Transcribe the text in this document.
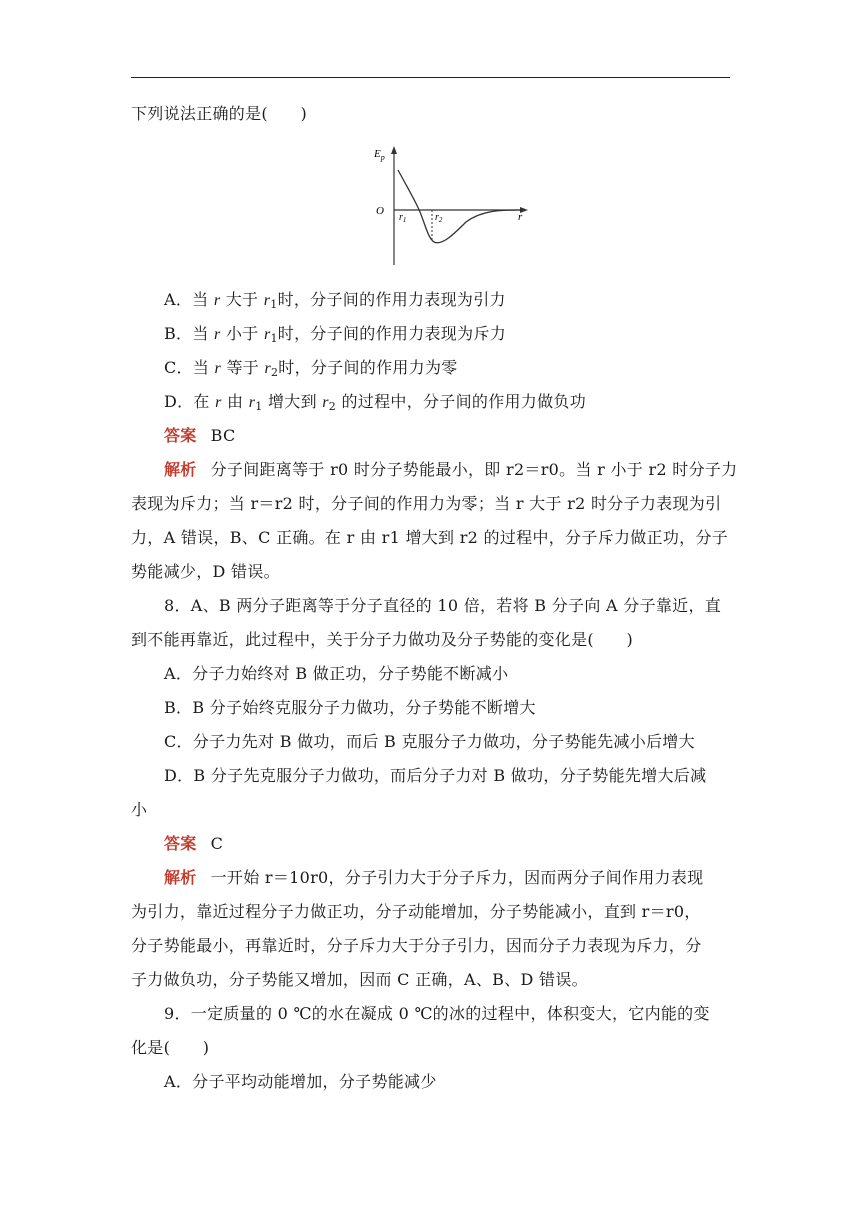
下列说法正确的是(　　)
$E_p$
O	r
$r_1$	$r_2$
A．当 r 大于 $r_1$时，分子间的作用力表现为引力
B．当 r 小于 $r_1$时，分子间的作用力表现为斥力
C．当 r 等于 $r_2$时，分子间的作用力为零
D．在 r 由 $r_1$ 增大到 $r_2$ 的过程中，分子间的作用力做负功
答案 BC
解析 分子间距离等于 r0 时分子势能最小，即 r2＝r0。当 r 小于 r2 时分子力
表现为斥力；当 r＝r2 时，分子间的作用力为零；当 r 大于 r2 时分子力表现为引
力，A 错误，B、C 正确。在 r 由 r1 增大到 r2 的过程中，分子斥力做正功，分子
势能减少，D 错误。
8．A、B 两分子距离等于分子直径的 10 倍，若将 B 分子向 A 分子靠近，直
到不能再靠近，此过程中，关于分子力做功及分子势能的变化是(　　)
A．分子力始终对 B 做正功，分子势能不断减小
B．B 分子始终克服分子力做功，分子势能不断增大
C．分子力先对 B 做功，而后 B 克服分子力做功，分子势能先减小后增大
D．B 分子先克服分子力做功，而后分子力对 B 做功，分子势能先增大后减
小
答案 C
解析 一开始 r＝10r0，分子引力大于分子斥力，因而两分子间作用力表现
为引力，靠近过程分子力做正功，分子动能增加，分子势能减小，直到 r＝r0，
分子势能最小，再靠近时，分子斥力大于分子引力，因而分子力表现为斥力，分
子力做负功，分子势能又增加，因而 C 正确，A、B、D 错误。
9．一定质量的 0 ℃的水在凝成 0 ℃的冰的过程中，体积变大，它内能的变
化是(　　)
A．分子平均动能增加，分子势能减少
